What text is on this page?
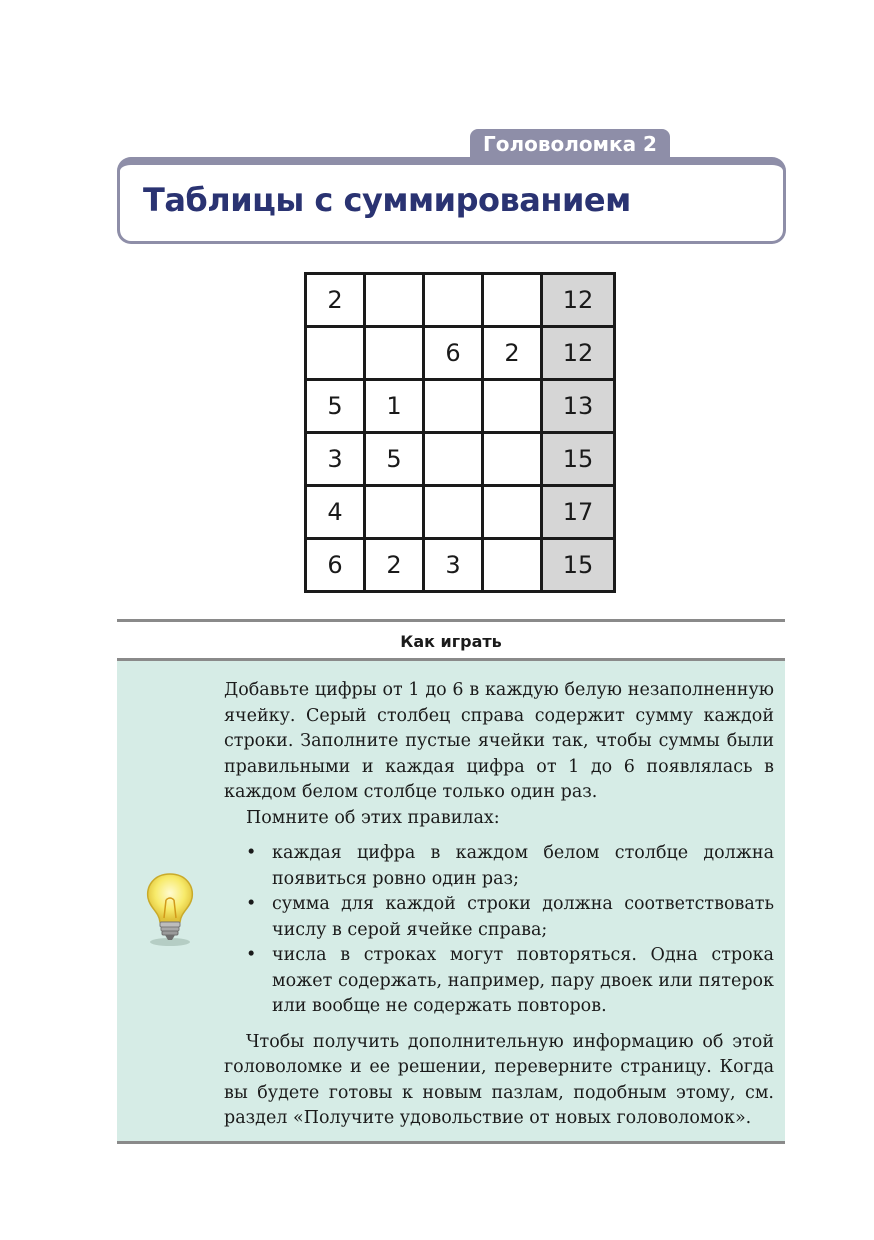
Головоломка 2
Таблицы с суммированием
2				12
		6	2	12
5	1			13
3	5			15
4				17
6	2	3		15
Как играть

Добавьте цифры от 1 до 6 в каждую белую незаполненную ячейку. Серый столбец справа содержит сумму каждой строки. Заполните пустые ячейки так, чтобы суммы были правильными и каждая цифра от 1 до 6 появлялась в каждом белом столбце только один раз.

Помните об этих правилах:

• каждая цифра в каждом белом столбце должна появиться ровно один раз;
• сумма для каждой строки должна соответствовать числу в серой ячейке справа;
• числа в строках могут повторяться. Одна строка может содержать, например, пару двоек или пятерок или вообще не содержать повторов.

Чтобы получить дополнительную информацию об этой головоломке и ее решении, переверните страницу. Когда вы будете готовы к новым пазлам, подобным этому, см. раздел «Получите удовольствие от новых головоломок».
